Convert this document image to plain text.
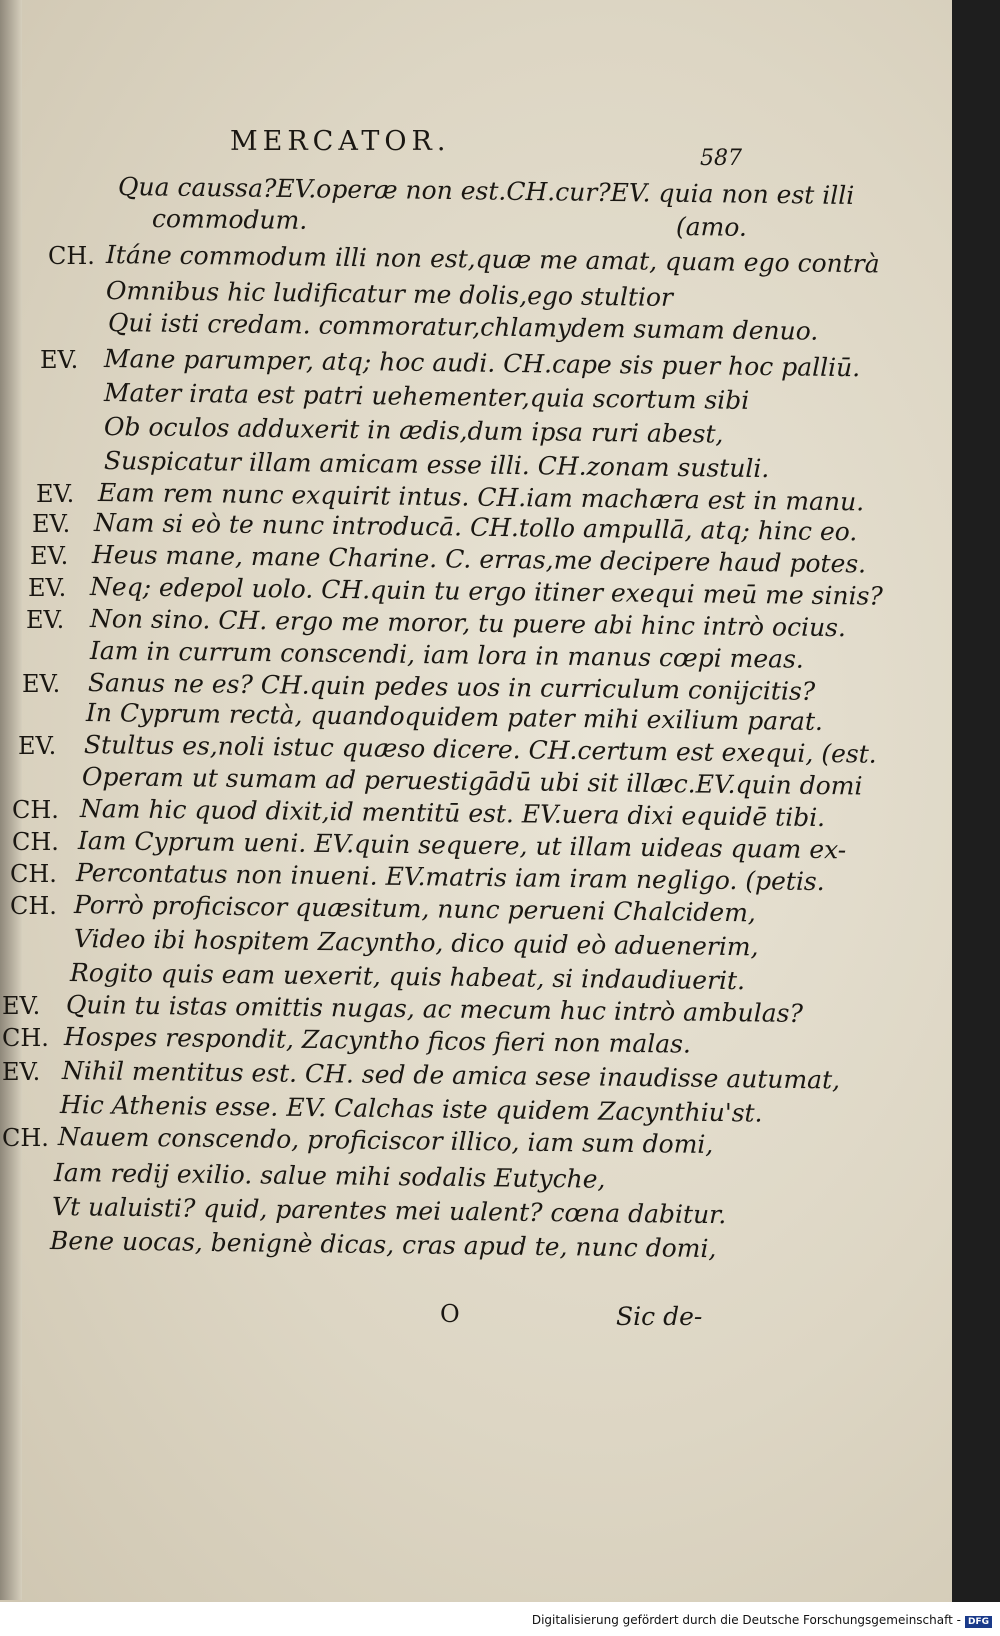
MERCATOR.
587
Qua caussa?EV.operæ non est.CH.cur?EV. quia non est illi
commodum.	(amo.
CH. Itáne commodum illi non est,quæ me amat, quam ego contrà
Omnibus hic ludificatur me dolis,ego stultior
Qui isti credam. commoratur,chlamydem sumam denuo.
EV. Mane parumper, atq; hoc audi. CH.cape sis puer hoc palliū.
Mater irata est patri uehementer,quia scortum sibi
Ob oculos adduxerit in ædis,dum ipsa ruri abest,
Suspicatur illam amicam esse illi. CH.zonam sustuli.
EV. Eam rem nunc exquirit intus. CH.iam machæra est in manu.
EV. Nam si eò te nunc introducā. CH.tollo ampullā, atq; hinc eo.
EV. Heus mane, mane Charine. C. erras,me decipere haud potes.
EV. Neq; edepol uolo. CH.quin tu ergo itiner exequi meū me sinis?
EV. Non sino. CH. ergo me moror, tu puere abi hinc intrò ocius.
Iam in currum conscendi, iam lora in manus cœpi meas.
EV. Sanus ne es? CH.quin pedes uos in curriculum conijcitis?
In Cyprum rectà, quandoquidem pater mihi exilium parat.
EV. Stultus es,noli istuc quæso dicere. CH.certum est exequi, (est.
Operam ut sumam ad peruestigādū ubi sit illæc.EV.quin domi
CH. Nam hic quod dixit,id mentitū est. EV.uera dixi equidē tibi.
CH. Iam Cyprum ueni. EV.quin sequere, ut illam uideas quam ex-
CH. Percontatus non inueni. EV.matris iam iram negligo. (petis.
CH. Porrò proficiscor quæsitum, nunc perueni Chalcidem,
Video ibi hospitem Zacyntho, dico quid eò aduenerim,
Rogito quis eam uexerit, quis habeat, si indaudiuerit.
EV. Quin tu istas omittis nugas, ac mecum huc intrò ambulas?
CH. Hospes respondit, Zacyntho ficos fieri non malas.
EV. Nihil mentitus est. CH. sed de amica sese inaudisse autumat,
Hic Athenis esse. EV. Calchas iste quidem Zacynthiu'st.
CH. Nauem conscendo, proficiscor illico, iam sum domi,
Iam redij exilio. salue mihi sodalis Eutyche,
Vt ualuisti? quid, parentes mei ualent? cœna dabitur.
Bene uocas, benignè dicas, cras apud te, nunc domi,
O	Sic de-
Digitalisierung gefördert durch die Deutsche Forschungsgemeinschaft - DFG
